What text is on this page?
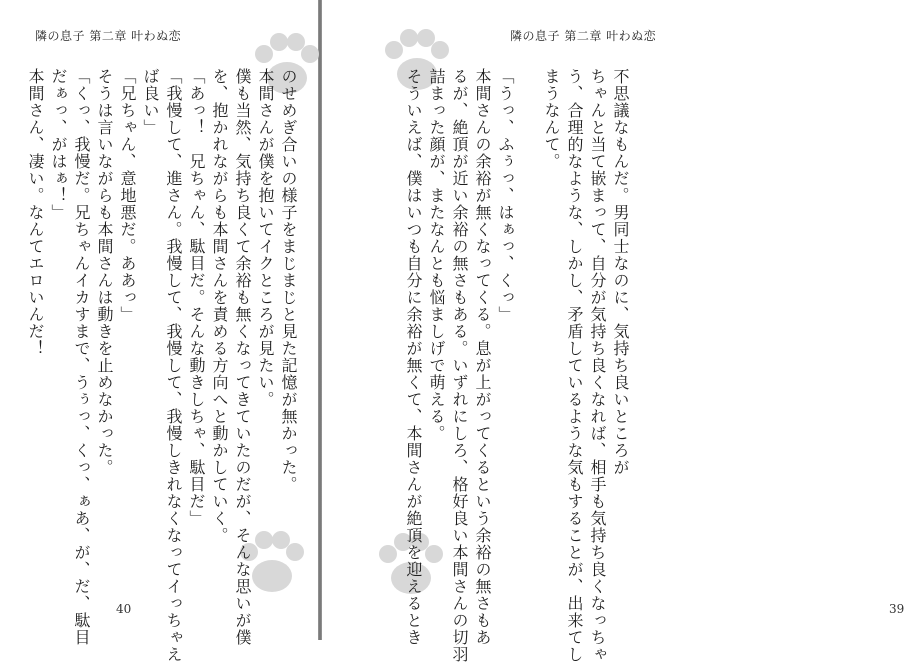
隣の息子 第二章 叶わぬ恋
のせめぎ合いの様子をまじまじと見た記憶が無かった。
本間さんが僕を抱いてイクところが見たい。
僕も当然、気持ち良くて余裕も無くなってきていたのだが、そんな思いが僕
を、抱かれながらも本間さんを責める方向へと動かしていく。
「あっ！　兄ちゃん、駄目だ。そんな動きしちゃ、駄目だ」
「我慢して、進さん。我慢して、我慢して、我慢しきれなくなってイっちゃえ
ば良い」
「兄ちゃん、意地悪だ。ああっ」
そうは言いながらも本間さんは動きを止めなかった。
「くっ、我慢だ。兄ちゃんイカすまで、うぅっ、くっ、ぁあ、が、だ、駄目
だぁっ、がはぁ！」
本間さん、凄い。なんてエロいんだ！
40
隣の息子 第二章 叶わぬ恋
不思議なもんだ。男同士なのに、気持ち良いところが
ちゃんと当て嵌まって、自分が気持ち良くなれば、相手も気持ち良くなっちゃ
う、合理的なような、しかし、矛盾しているような気もすることが、出来てし
まうなんて。
「うっ、ふぅっ、はぁっ、くっ」
本間さんの余裕が無くなってくる。息が上がってくるという余裕の無さもあ
るが、絶頂が近い余裕の無さもある。いずれにしろ、格好良い本間さんの切羽
詰まった顔が、またなんとも悩ましげで萌える。
そういえば、僕はいつも自分に余裕が無くて、本間さんが絶頂を迎えるとき	39
